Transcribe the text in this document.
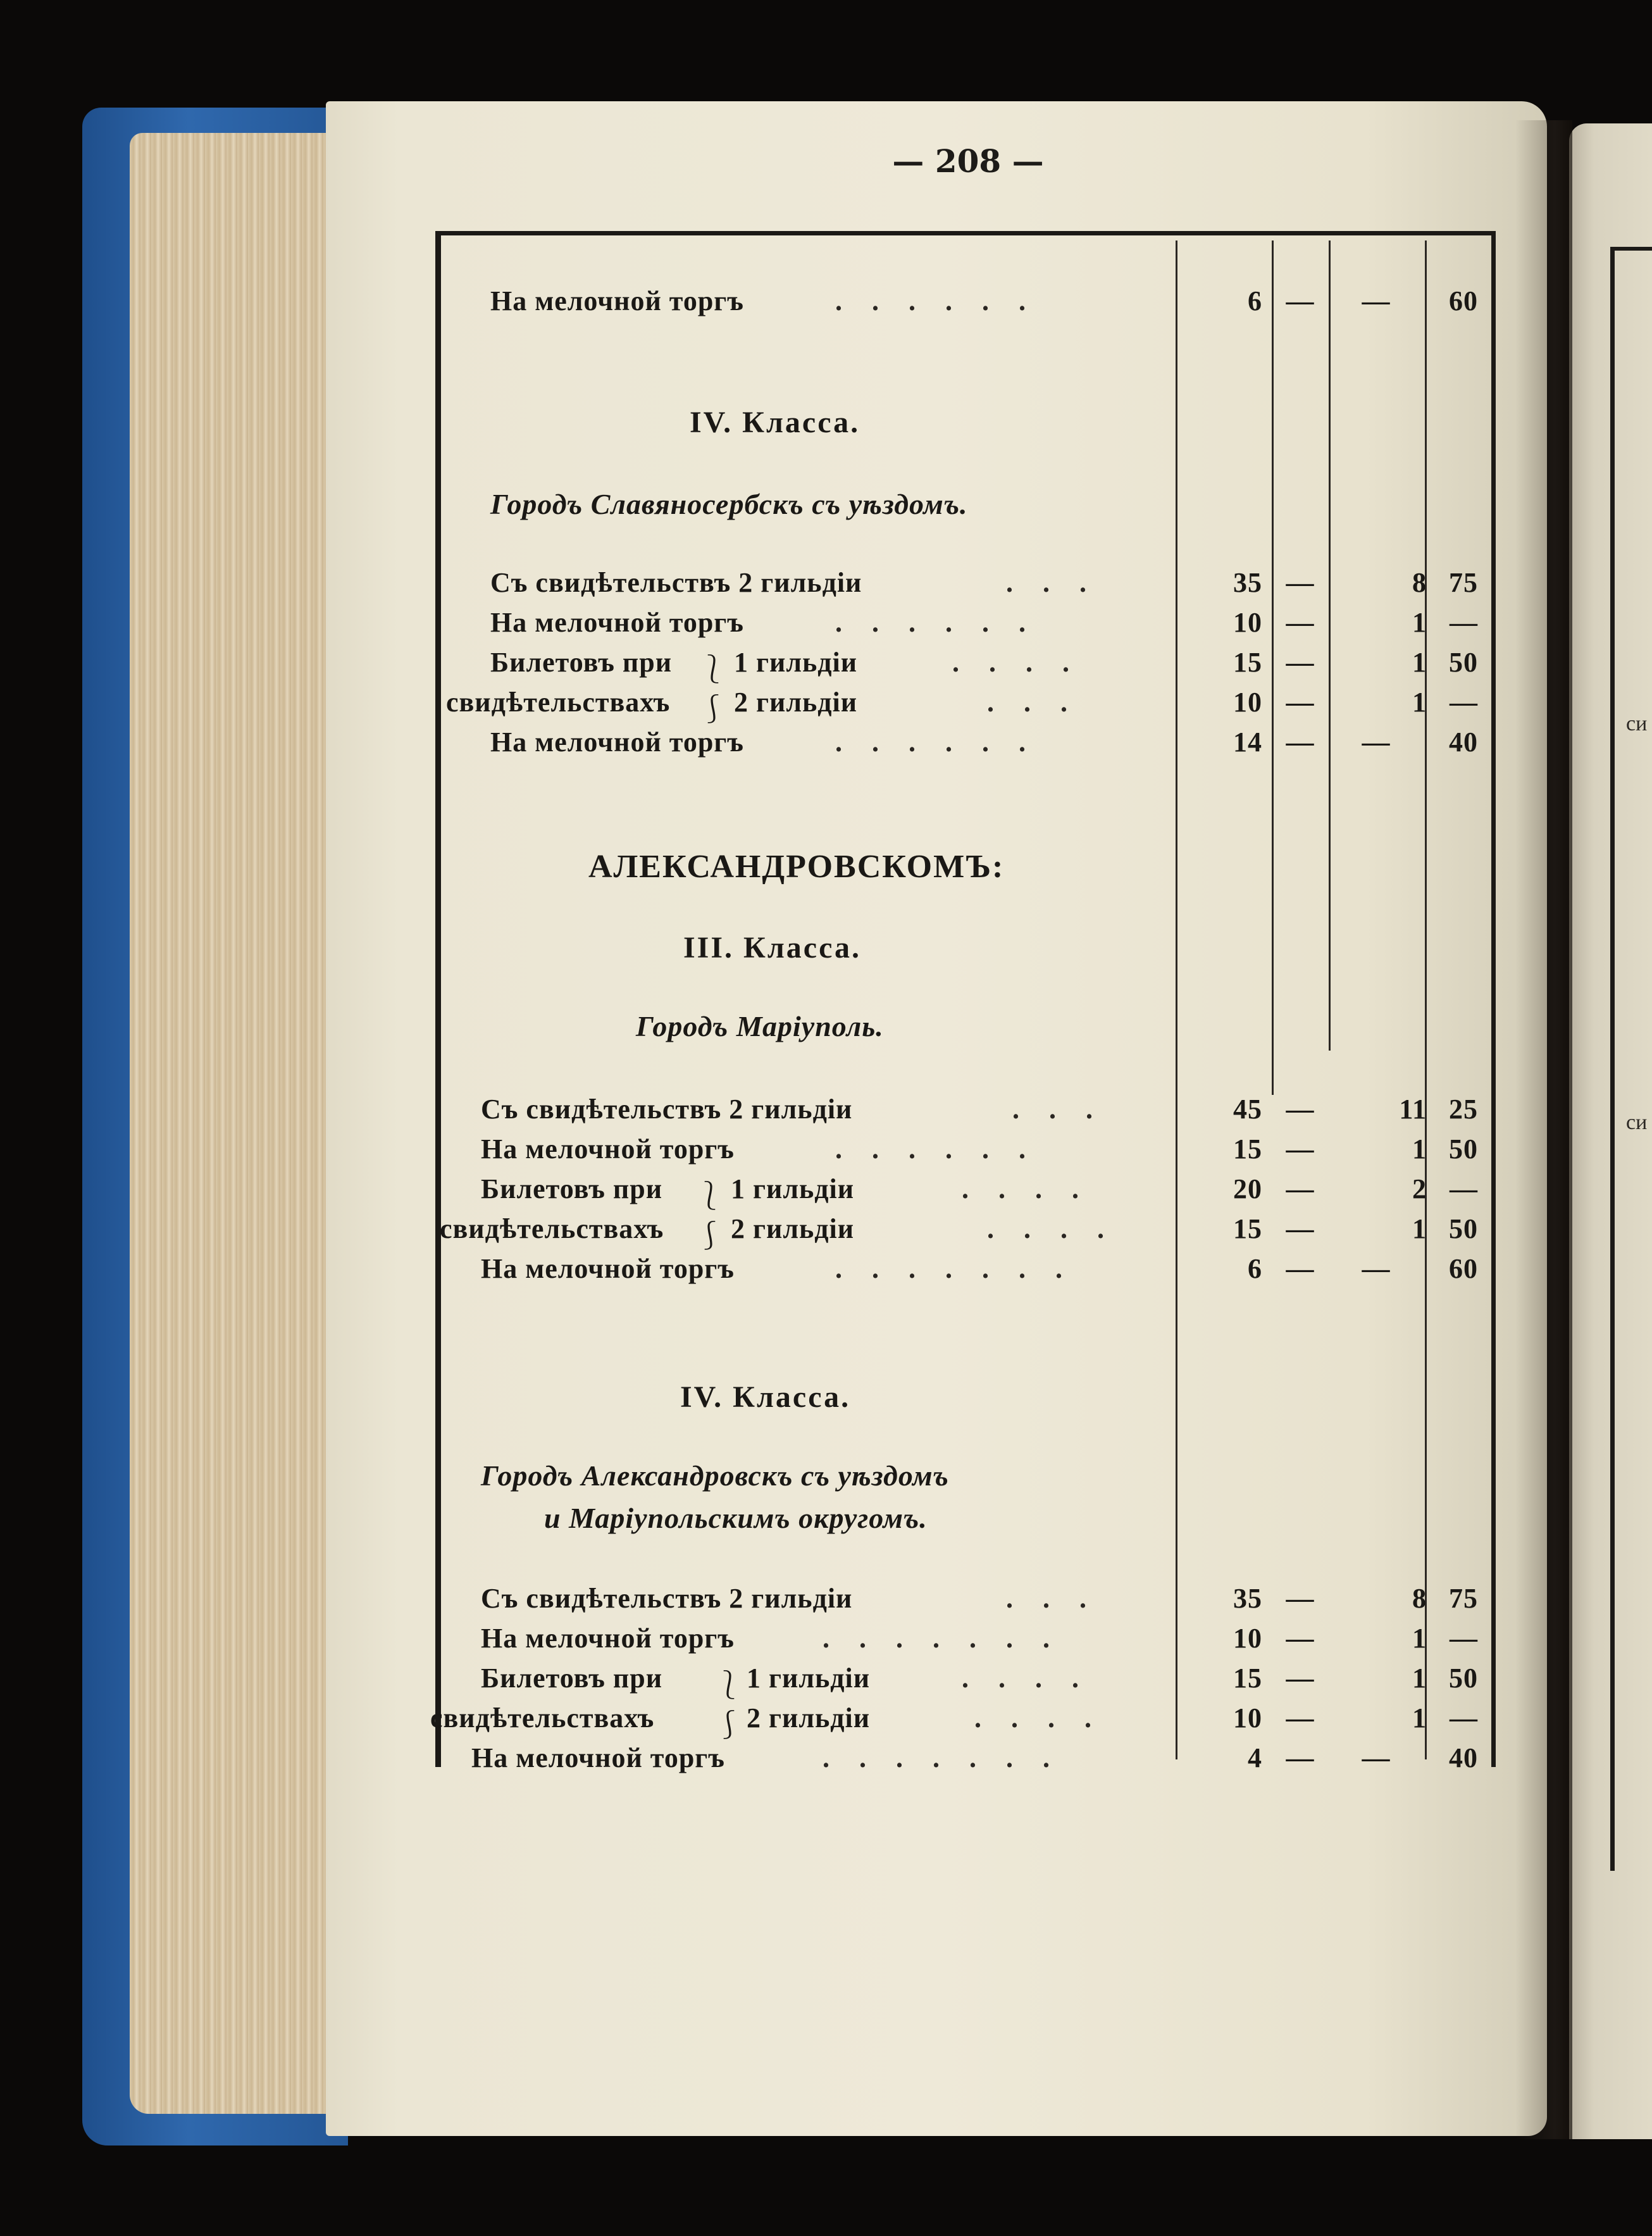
си
си
— 208 —
На мелочной торгъ	. . . . . .	6 — —	60
IV. Класса.
Городъ Славяносербскъ съ уѣздомъ.
Съ свидѣтельствъ 2 гильдіи	. . .	35 —	8 75
На мелочной торгъ	. . . . . .	10 —	1 —
Билетовъ при ⎱ 1 гильдіи	. . . .	15 —	1 50
свидѣтельствахъ ⎰ 2 гильдіи	. . .	10 —	1 —
На мелочной торгъ	. . . . . .	14 — —	40
АЛЕКСАНДРОВСКОМЪ:
III. Класса.
Городъ Маріуполь.
Съ свидѣтельствъ 2 гильдіи	. . .	45 —	11 25
На мелочной торгъ	. . . . . .	15 —	1 50
Билетовъ при ⎱ 1 гильдіи	. . . .	20 —	2 —
свидѣтельствахъ ⎰ 2 гильдіи	. . . .	15 —	1 50
На мелочной торгъ	. . . . . . .	6 — —	60
IV. Класса.
Городъ Александровскъ съ уѣздомъ
и Маріупольскимъ округомъ.
Съ свидѣтельствъ 2 гильдіи	. . .	35 —	8 75
На мелочной торгъ	. . . . . . .	10 —	1 —
Билетовъ при ⎱ 1 гильдіи	. . . .	15 —	1 50
свидѣтельствахъ ⎰ 2 гильдіи	. . . .	10 —	1 —
На мелочной торгъ	. . . . . . .	4 — —	40
